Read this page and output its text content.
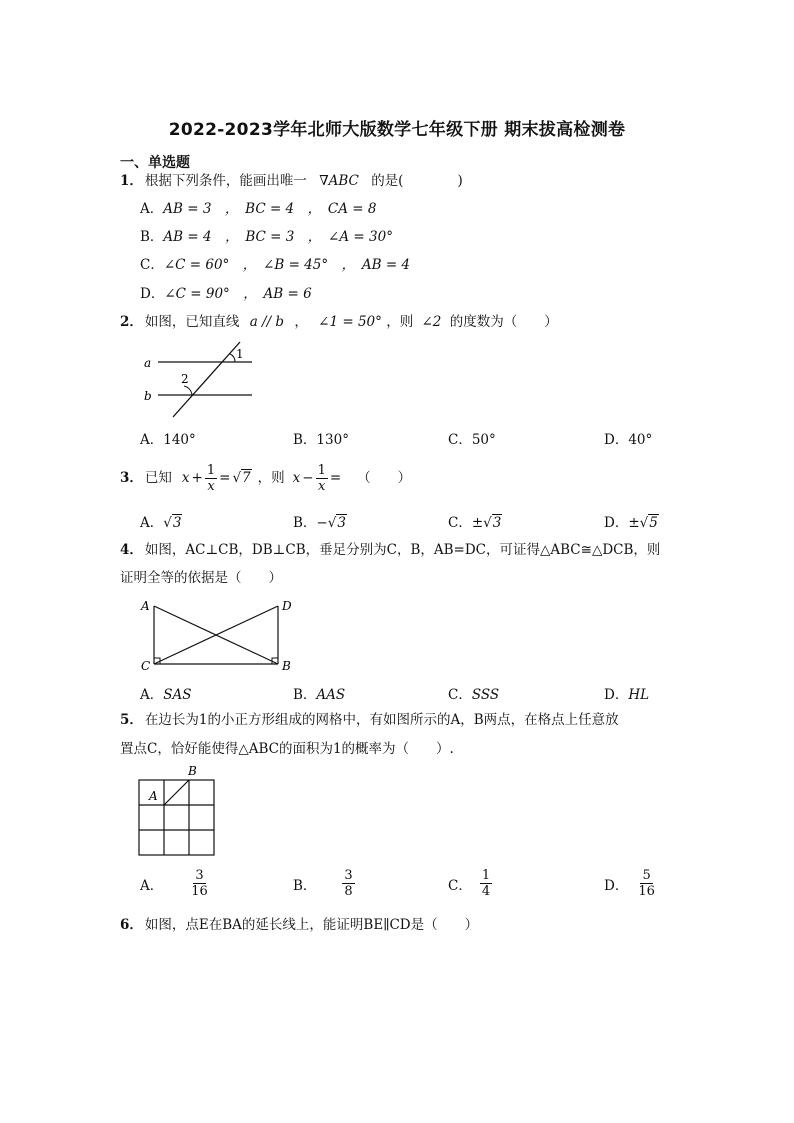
2022-2023学年北师大版数学七年级下册 期末拔高检测卷
一、单选题
1． 根据下列条件，能画出唯一 ∇ABC 的是(　　　　)
A．AB = 3　，　BC = 4　，　CA = 8
B．AB = 4　，　BC = 3　，　∠A = 30°
C．∠C = 60°　，　∠B = 45°　，　AB = 4
D．∠C = 90°　，　AB = 6
2． 如图，已知直线 a // b ， ∠1 = 50° ，则 ∠2 的度数为（　　）
a
b
1
2
A．140°	B．130°	C．50°	D．40°
3． 已知 $x + \frac{1}{x} = √7$ ，则 $x - \frac{1}{x}$ = （　　）
A．√3	B．−√3	C．±√3	D．±√5
4． 如图，AC⊥CB，DB⊥CB，垂足分别为C，B，AB=DC，可证得△ABC≅△DCB，则
证明全等的依据是（　　）
A	D
C	B
A．SAS	B．AAS	C．SSS	D．HL
5． 在边长为1的小正方形组成的网格中，有如图所示的A，B两点，在格点上任意放
置点C，恰好能使得△ABC的面积为1的概率为（　　）.
A
B
A． $\frac{3}{16}$	B． $\frac{3}{8}$	C． $\frac{1}{4}$	D． $\frac{5}{16}$
6． 如图，点E在BA的延长线上，能证明BE∥CD是（　　）
